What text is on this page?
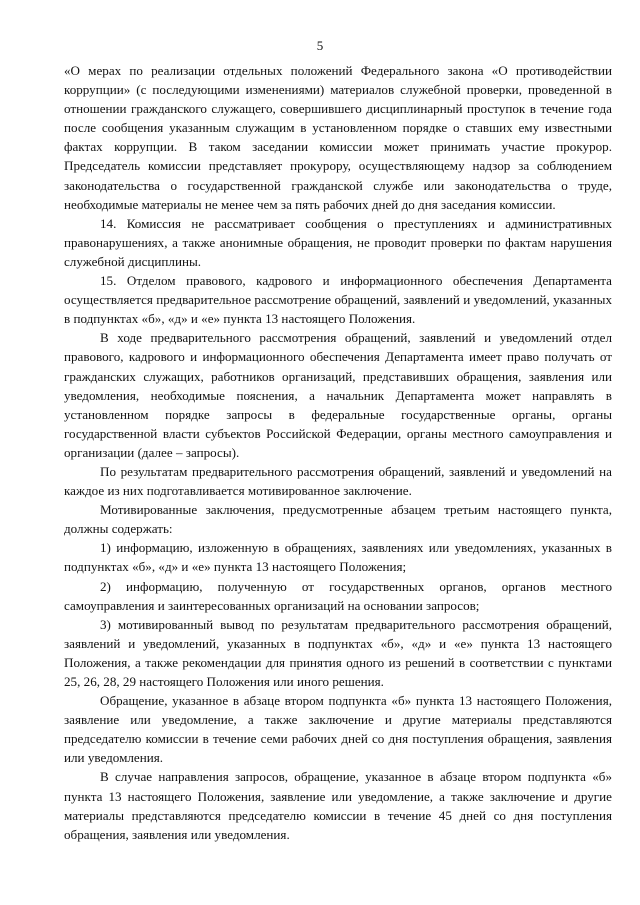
5

«О мерах по реализации отдельных положений Федерального закона «О противодействии коррупции» (с последующими изменениями) материалов служебной проверки, проведенной в отношении гражданского служащего, совершившего дисциплинарный проступок в течение года после сообщения указанным служащим в установленном порядке о ставших ему известными фактах коррупции. В таком заседании комиссии может принимать участие прокурор. Председатель комиссии представляет прокурору, осуществляющему надзор за соблюдением законодательства о государственной гражданской службе или законодательства о труде, необходимые материалы не менее чем за пять рабочих дней до дня заседания комиссии.

14. Комиссия не рассматривает сообщения о преступлениях и административных правонарушениях, а также анонимные обращения, не проводит проверки по фактам нарушения служебной дисциплины.

15. Отделом правового, кадрового и информационного обеспечения Департамента осуществляется предварительное рассмотрение обращений, заявлений и уведомлений, указанных в подпунктах «б», «д» и «е» пункта 13 настоящего Положения.

В ходе предварительного рассмотрения обращений, заявлений и уведомлений отдел правового, кадрового и информационного обеспечения Департамента имеет право получать от гражданских служащих, работников организаций, представивших обращения, заявления или уведомления, необходимые пояснения, а начальник Департамента может направлять в установленном порядке запросы в федеральные государственные органы, органы государственной власти субъектов Российской Федерации, органы местного самоуправления и организации (далее – запросы).

По результатам предварительного рассмотрения обращений, заявлений и уведомлений на каждое из них подготавливается мотивированное заключение.

Мотивированные заключения, предусмотренные абзацем третьим настоящего пункта, должны содержать:

1) информацию, изложенную в обращениях, заявлениях или уведомлениях, указанных в подпунктах «б», «д» и «е» пункта 13 настоящего Положения;

2) информацию, полученную от государственных органов, органов местного самоуправления и заинтересованных организаций на основании запросов;

3) мотивированный вывод по результатам предварительного рассмотрения обращений, заявлений и уведомлений, указанных в подпунктах «б», «д» и «е» пункта 13 настоящего Положения, а также рекомендации для принятия одного из решений в соответствии с пунктами 25, 26, 28, 29 настоящего Положения или иного решения.

Обращение, указанное в абзаце втором подпункта «б» пункта 13 настоящего Положения, заявление или уведомление, а также заключение и другие материалы представляются председателю комиссии в течение семи рабочих дней со дня поступления обращения, заявления или уведомления.

В случае направления запросов, обращение, указанное в абзаце втором подпункта «б» пункта 13 настоящего Положения, заявление или уведомление, а также заключение и другие материалы представляются председателю комиссии в течение 45 дней со дня поступления обращения, заявления или уведомления.
